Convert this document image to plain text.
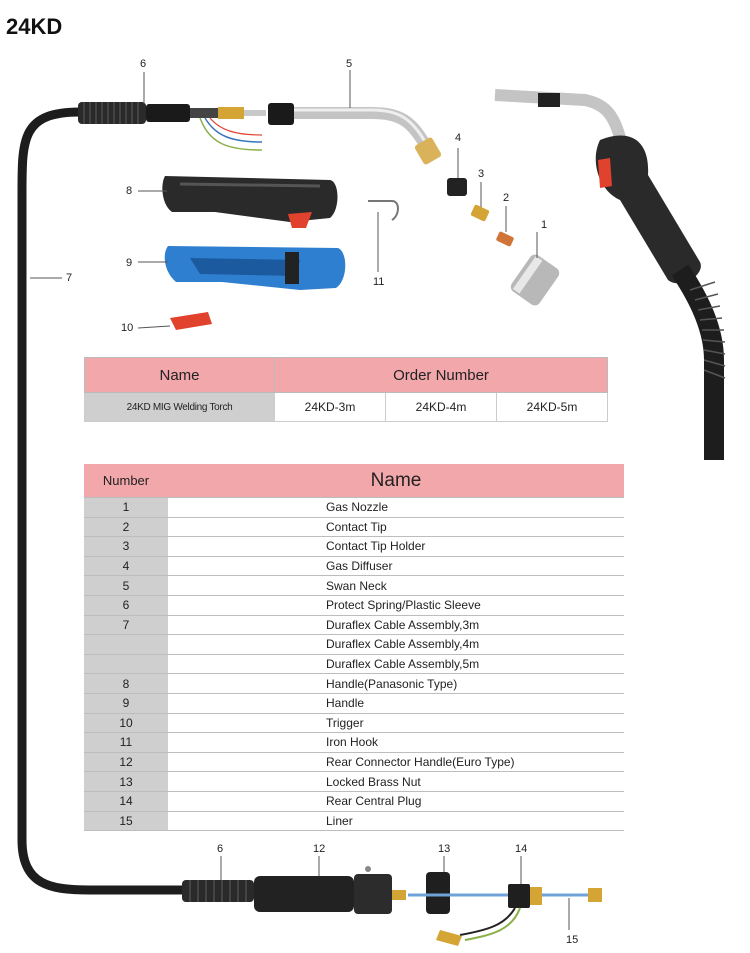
24KD
1
2
3
4
5
6
7
8
9
10
11
6	12	13	14
15
Name	Order Number		
24KD MIG Welding Torch	24KD-3m	24KD-4m	24KD-5m
Number	Name
1	Gas Nozzle
2	Contact Tip
3	Contact Tip Holder
4	Gas Diffuser
5	Swan Neck
6	Protect Spring/Plastic Sleeve
7	Duraflex Cable Assembly,3m
	Duraflex Cable Assembly,4m
	Duraflex Cable Assembly,5m
8	Handle(Panasonic Type)
9	Handle
10	Trigger
11	Iron Hook
12	Rear Connector Handle(Euro Type)
13	Locked Brass Nut
14	Rear Central Plug
15	Liner
